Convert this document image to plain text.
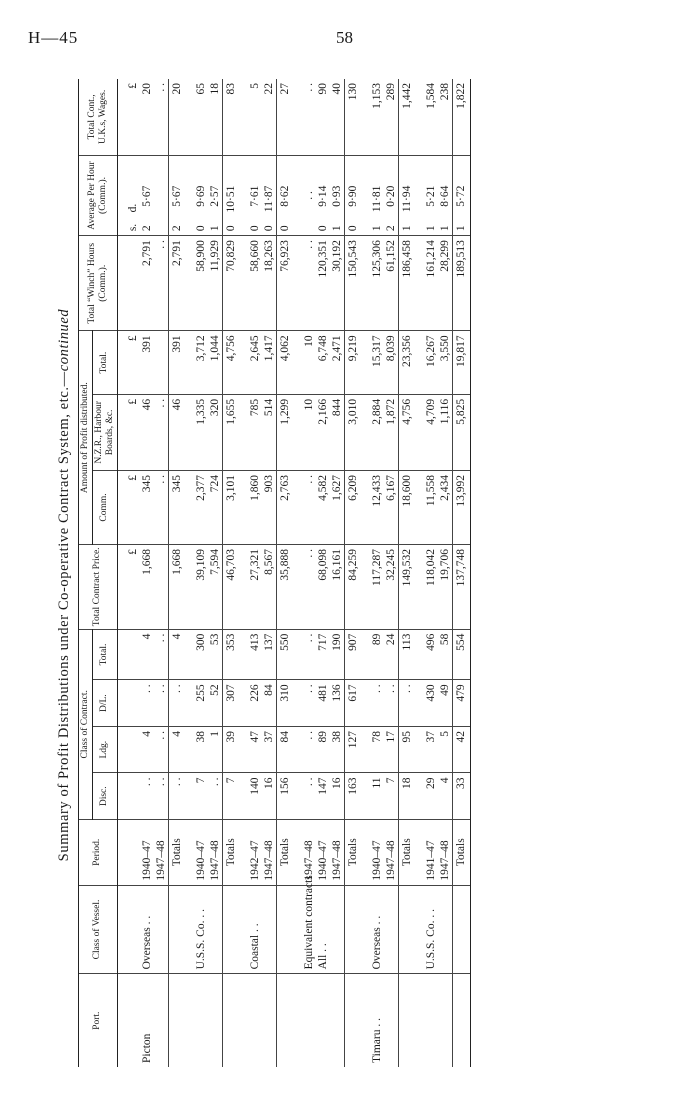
H—45	58
Summary of Profit Distributions under Co-operative Contract System, etc.—continued
Port.	Class of Vessel.	Period.	Class of Contract.				Total Contract Price.	Amount of Profit distributed.			Total “Winch” Hours (Comm.).	Average Per Hour (Comm.).	Total Cont., U.K.s, Wages.
			Disc.	Ldg.	D/L.	Total.		Comm.	N.Z.R., Harbour Boards, &c.	Total.			

							£	£	£	£		s. d.	£
Picton	Overseas . .	1940–47	. .	4	. .	4	1,668	345	46	391	2,791	2 5·67	20
		1947–48	. .	. .	. .	. .		. .	. .		. .		. .
		Totals	. .	4	. .	4	1,668	345	46	391	2,791	2 5·67	20

	U.S.S. Co. . .	1940–47	7	38	255	300	39,109	2,377	1,335	3,712	58,900	0 9·69	65
		1947–48	. .	1	52	53	7,594	724	320	1,044	11,929	1 2·57	18
		Totals	7	39	307	353	46,703	3,101	1,655	4,756	70,829	0 10·51	83

	Coastal . .	1942–47	140	47	226	413	27,321	1,860	785	2,645	58,660	0 7·61	5
		1947–48	16	37	84	137	8,567	903	514	1,417	18,263	0 11·87	22
		Totals	156	84	310	550	35,888	2,763	1,299	4,062	76,923	0 8·62	27

	Equivalent contracts	1947–48	. .	. .	. .	. .	. .	. .	10	10	. .	. .	. .
	All . .	1940–47	147	89	481	717	68,098	4,582	2,166	6,748	120,351	0 9·14	90
		1947–48	16	38	136	190	16,161	1,627	844	2,471	30,192	1 0·93	40
		Totals	163	127	617	907	84,259	6,209	3,010	9,219	150,543	0 9·90	130

Timaru . .	Overseas . .	1940–47	11	78	. .	89	117,287	12,433	2,884	15,317	125,306	1 11·81	1,153
		1947–48	7	17	. .	24	32,245	6,167	1,872	8,039	61,152	2 0·20	289
		Totals	18	95	. .	113	149,532	18,600	4,756	23,356	186,458	1 11·94	1,442

	U.S.S. Co. . .	1941–47	29	37	430	496	118,042	11,558	4,709	16,267	161,214	1 5·21	1,584
		1947–48	4	5	49	58	19,706	2,434	1,116	3,550	28,299	1 8·64	238
		Totals	33	42	479	554	137,748	13,992	5,825	19,817	189,513	1 5·72	1,822
